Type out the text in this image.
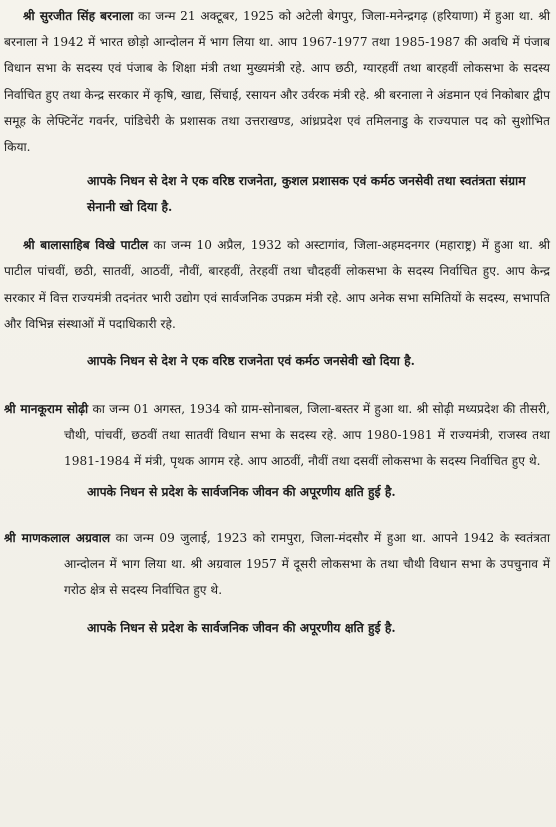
श्री सुरजीत सिंह बरनाला का जन्म 21 अक्टूबर, 1925 को अटेली बेगपुर, जिला-मनेन्द्रगढ़ (हरियाणा) में हुआ था. श्री बरनाला ने 1942 में भारत छोड़ो आन्दोलन में भाग लिया था. आप 1967-1977 तथा 1985-1987 की अवधि में पंजाब विधान सभा के सदस्य एवं पंजाब के शिक्षा मंत्री तथा मुख्यमंत्री रहे. आप छठी, ग्यारहवीं तथा बारहवीं लोकसभा के सदस्य निर्वाचित हुए तथा केन्द्र सरकार में कृषि, खाद्य, सिंचाई, रसायन और उर्वरक मंत्री रहे. श्री बरनाला ने अंडमान एवं निकोबार द्वीप समूह के लेफ्टिनेंट गवर्नर, पांडिचेरी के प्रशासक तथा उत्तराखण्ड, आंध्रप्रदेश एवं तमिलनाडु के राज्यपाल पद को सुशोभित किया.

आपके निधन से देश ने एक वरिष्ठ राजनेता, कुशल प्रशासक एवं कर्मठ जनसेवी तथा स्वतंत्रता संग्राम सेनानी खो दिया है.

श्री बालासाहिब विखे पाटील का जन्म 10 अप्रैल, 1932 को अस्टागांव, जिला-अहमदनगर (महाराष्ट्र) में हुआ था. श्री पाटील पांचवीं, छठी, सातवीं, आठवीं, नौवीं, बारहवीं, तेरहवीं तथा चौदहवीं लोकसभा के सदस्य निर्वाचित हुए. आप केन्द्र सरकार में वित्त राज्यमंत्री तदनंतर भारी उद्योग एवं सार्वजनिक उपक्रम मंत्री रहे. आप अनेक सभा समितियों के सदस्य, सभापति और विभिन्न संस्थाओं में पदाधिकारी रहे.

आपके निधन से देश ने एक वरिष्ठ राजनेता एवं कर्मठ जनसेवी खो दिया है.

श्री मानकूराम सोढ़ी का जन्म 01 अगस्त, 1934 को ग्राम-सोनाबल, जिला-बस्तर में हुआ था. श्री सोढ़ी मध्यप्रदेश की तीसरी, चौथी, पांचवीं, छठवीं तथा सातवीं विधान सभा के सदस्य रहे. आप 1980-1981 में राज्यमंत्री, राजस्व तथा 1981-1984 में मंत्री, पृथक आगम रहे. आप आठवीं, नौवीं तथा दसवीं लोकसभा के सदस्य निर्वाचित हुए थे.

आपके निधन से प्रदेश के सार्वजनिक जीवन की अपूरणीय क्षति हुई है.

श्री माणकलाल अग्रवाल का जन्म 09 जुलाई, 1923 को रामपुरा, जिला-मंदसौर में हुआ था. आपने 1942 के स्वतंत्रता आन्दोलन में भाग लिया था. श्री अग्रवाल 1957 में दूसरी लोकसभा के तथा चौथी विधान सभा के उपचुनाव में गरोठ क्षेत्र से सदस्य निर्वाचित हुए थे.

आपके निधन से प्रदेश के सार्वजनिक जीवन की अपूरणीय क्षति हुई है.
